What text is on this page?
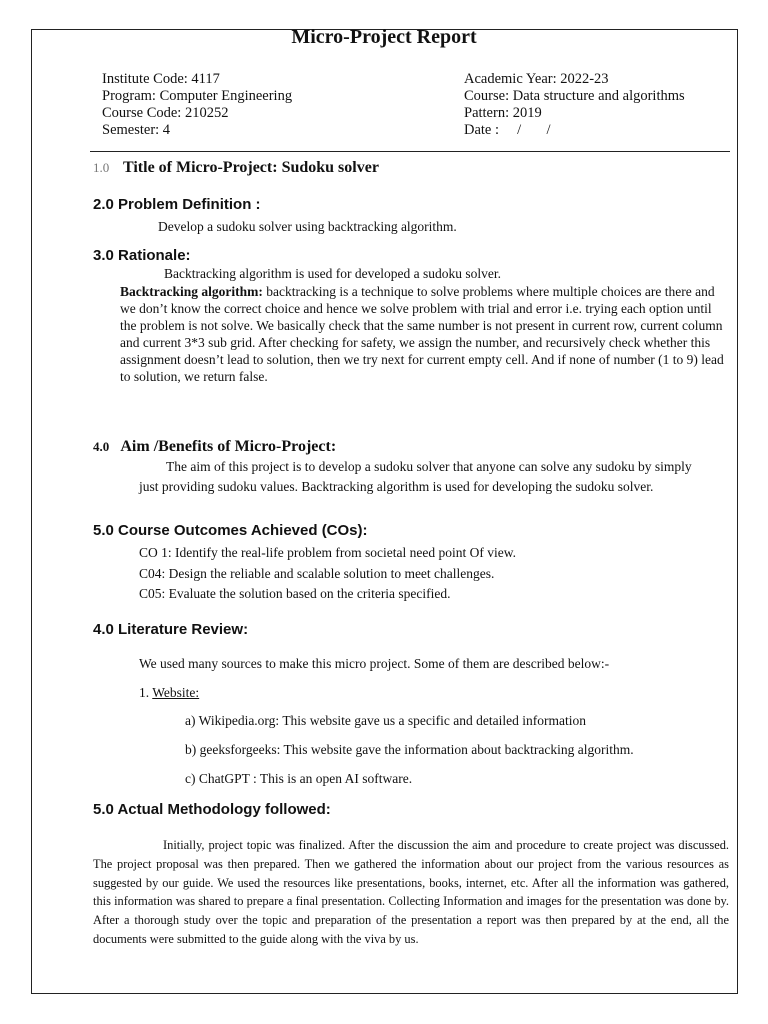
Micro-Project Report
Institute Code: 4117
Program: Computer Engineering
Course Code: 210252
Semester: 4
Academic Year: 2022-23
Course: Data structure and algorithms
Pattern: 2019
Date :     /       /
1.0 Title of Micro-Project: Sudoku solver
2.0 Problem Definition :
Develop a sudoku solver using backtracking algorithm.
3.0 Rationale:
Backtracking algorithm is used for developed a sudoku solver.
Backtracking algorithm: backtracking is a technique to solve problems where multiple choices are there and we don’t know the correct choice and hence we solve problem with trial and error i.e. trying each option until the problem is not solve. We basically check that the same number is not present in current row, current column and current 3*3 sub grid. After checking for safety, we assign the number, and recursively check whether this assignment doesn’t lead to solution, then we try next for current empty cell. And if none of number (1 to 9) lead to solution, we return false.
4.0 Aim /Benefits of Micro-Project:
The aim of this project is to develop a sudoku solver that anyone can solve any sudoku by simply just providing sudoku values. Backtracking algorithm is used for developing the sudoku solver.
5.0 Course Outcomes Achieved (COs):
CO 1: Identify the real-life problem from societal need point Of view.
C04: Design the reliable and scalable solution to meet challenges.
C05: Evaluate the solution based on the criteria specified.
4.0 Literature Review:
We used many sources to make this micro project. Some of them are described below:-
1. Website:
a) Wikipedia.org: This website gave us a specific and detailed information
b) geeksforgeeks: This website gave the information about backtracking algorithm.
c) ChatGPT : This is an open AI software.
5.0 Actual Methodology followed:
Initially, project topic was finalized. After the discussion the aim and procedure to create project was discussed. The project proposal was then prepared. Then we gathered the information about our project from the various resources as suggested by our guide. We used the resources like presentations, books, internet, etc. After all the information was gathered, this information was shared to prepare a final presentation. Collecting Information and images for the presentation was done by. After a thorough study over the topic and preparation of the presentation a report was then prepared by at the end, all the documents were submitted to the guide along with the viva by us.
